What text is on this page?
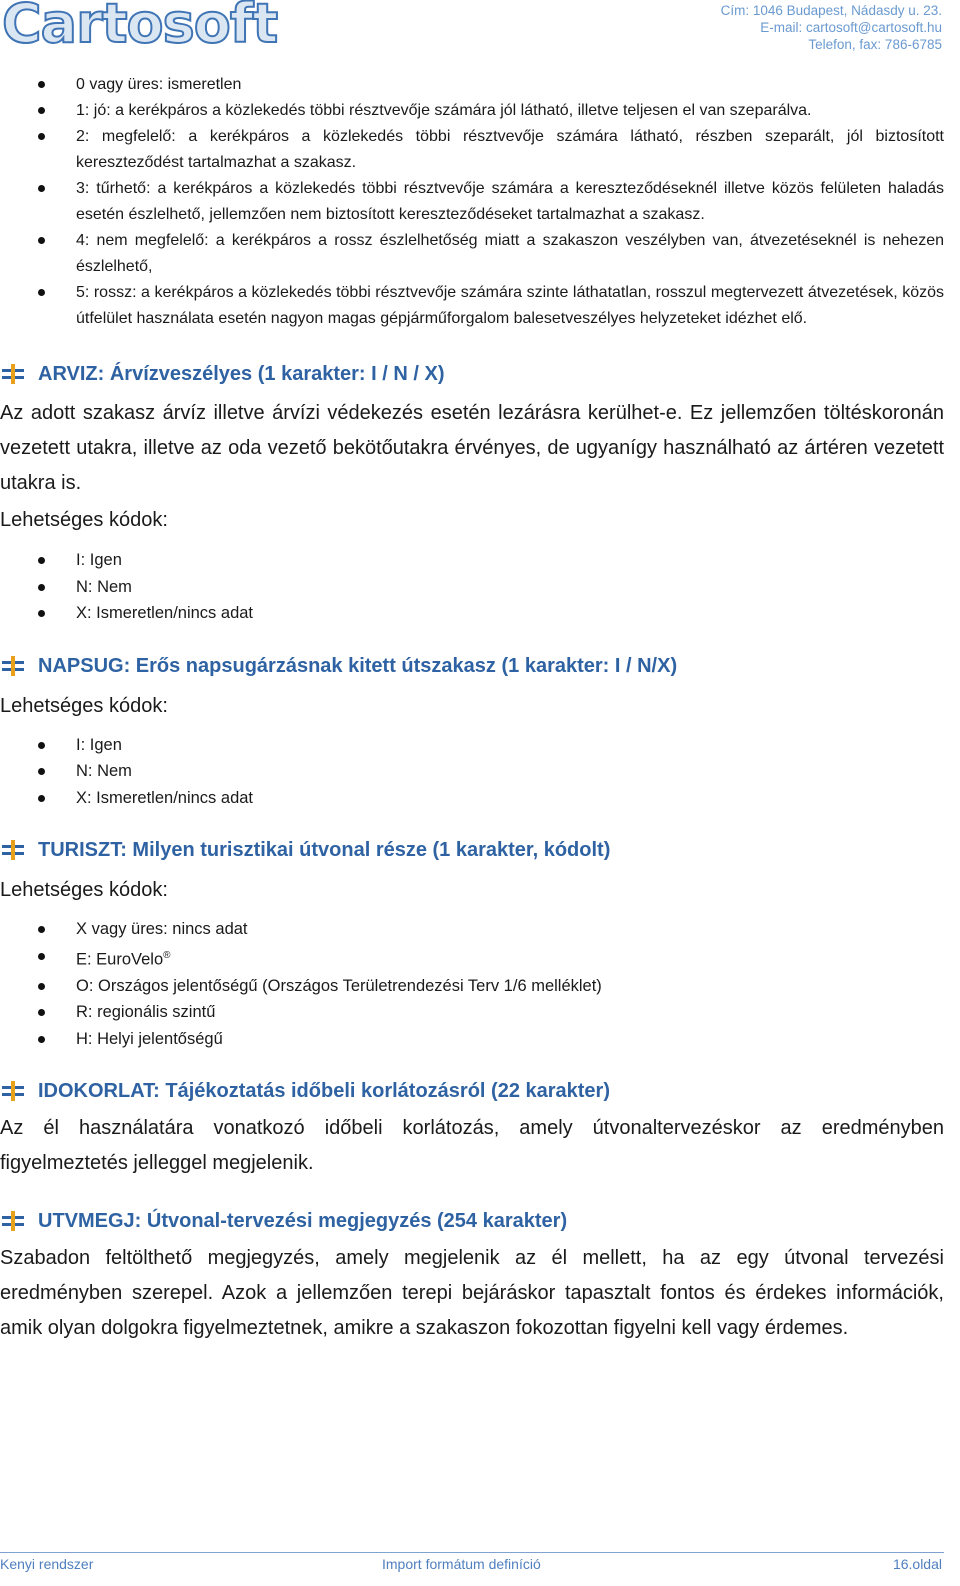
Cartosoft	Cím: 1046 Budapest, Nádasdy u. 23.
E-mail: cartosoft@cartosoft.hu
Telefon, fax: 786-6785
0 vagy üres: ismeretlen
1: jó: a kerékpáros a közlekedés többi résztvevője számára jól látható, illetve teljesen el van szeparálva.
2: megfelelő: a kerékpáros a közlekedés többi résztvevője számára látható, részben szeparált, jól biztosított kereszteződést tartalmazhat a szakasz.
3: tűrhető: a kerékpáros a közlekedés többi résztvevője számára a kereszteződéseknél illetve közös felületen haladás esetén észlelhető, jellemzően nem biztosított kereszteződéseket tartalmazhat a szakasz.
4: nem megfelelő: a kerékpáros a rossz észlelhetőség miatt a szakaszon veszélyben van, átvezetéseknél is nehezen észlelhető,
5: rossz: a kerékpáros a közlekedés többi résztvevője számára szinte láthatatlan, rosszul megtervezett átvezetések, közös útfelület használata esetén nagyon magas gépjárműforgalom balesetveszélyes helyzeteket idézhet elő.
ARVIZ: Árvízveszélyes (1 karakter: I / N / X)

Az adott szakasz árvíz illetve árvízi védekezés esetén lezárásra kerülhet-e. Ez jellemzően töltéskoronán vezetett utakra, illetve az oda vezető bekötőutakra érvényes, de ugyanígy használható az ártéren vezetett utakra is.

Lehetséges kódok:

I: Igen
N: Nem
X: Ismeretlen/nincs adat
NAPSUG: Erős napsugárzásnak kitett útszakasz (1 karakter: I / N/X)

Lehetséges kódok:

I: Igen
N: Nem
X: Ismeretlen/nincs adat
TURISZT: Milyen turisztikai útvonal része (1 karakter, kódolt)

Lehetséges kódok:

X vagy üres: nincs adat
E: EuroVelo®
O: Országos jelentőségű (Országos Területrendezési Terv 1/6 melléklet)
R: regionális szintű
H: Helyi jelentőségű
IDOKORLAT: Tájékoztatás időbeli korlátozásról (22 karakter)

Az él használatára vonatkozó időbeli korlátozás, amely útvonaltervezéskor az eredményben figyelmeztetés jelleggel megjelenik.

UTVMEGJ: Útvonal-tervezési megjegyzés (254 karakter)

Szabadon feltölthető megjegyzés, amely megjelenik az él mellett, ha az egy útvonal tervezési eredményben szerepel. Azok a jellemzően terepi bejáráskor tapasztalt fontos és érdekes információk, amik olyan dolgokra figyelmeztetnek, amikre a szakaszon fokozottan figyelni kell vagy érdemes.

Kenyi rendszer	Import formátum definíció	16.oldal
